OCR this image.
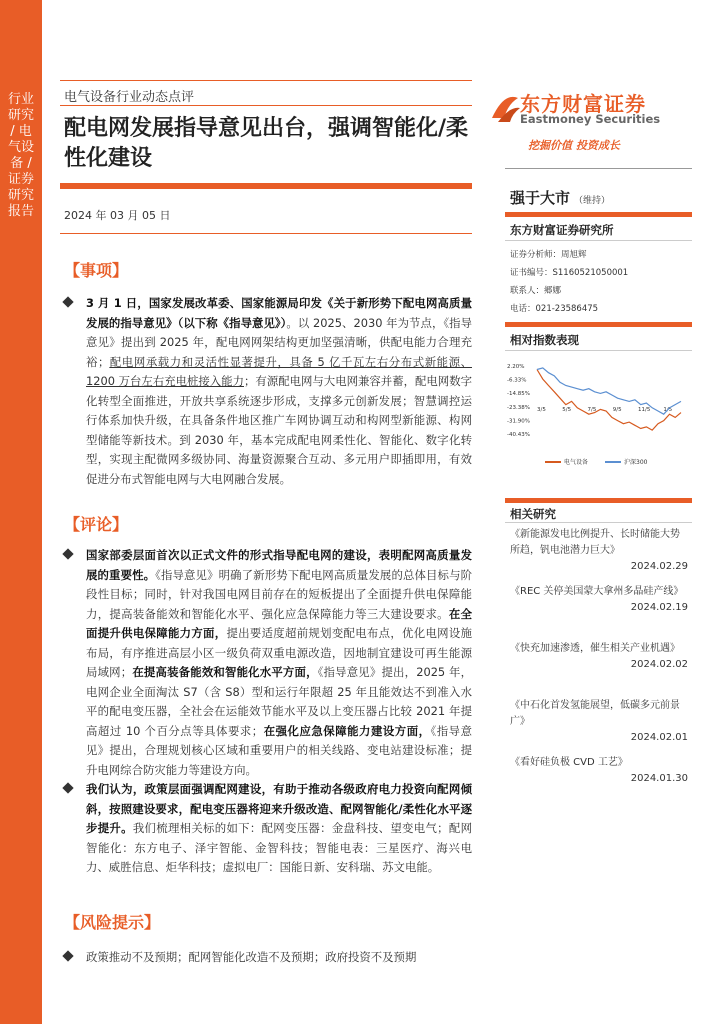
行业研究 / 电气设备 / 证券研究报告
电气设备行业动态点评
配电网发展指导意见出台，强调智能化/柔性化建设
2024 年 03 月 05 日
【事项】
3 月 1 日，国家发展改革委、国家能源局印发《关于新形势下配电网高质量发展的指导意见》（以下称《指导意见》）。以 2025、2030 年为节点，《指导意见》提出到 2025 年，配电网网架结构更加坚强清晰，供配电能力合理充裕；配电网承载力和灵活性显著提升，具备 5 亿千瓦左右分布式新能源、1200 万台左右充电桩接入能力；有源配电网与大电网兼容并蓄，配电网数字化转型全面推进，开放共享系统逐步形成，支撑多元创新发展；智慧调控运行体系加快升级，在具备条件地区推广车网协调互动和构网型新能源、构网型储能等新技术。到 2030 年，基本完成配电网柔性化、智能化、数字化转型，实现主配微网多级协同、海量资源聚合互动、多元用户即插即用，有效促进分布式智能电网与大电网融合发展。
【评论】
国家部委层面首次以正式文件的形式指导配电网的建设，表明配网高质量发展的重要性。《指导意见》明确了新形势下配电网高质量发展的总体目标与阶段性目标；同时，针对我国电网目前存在的短板提出了全面提升供电保障能力，提高装备能效和智能化水平、强化应急保障能力等三大建设要求。在全面提升供电保障能力方面，提出要适度超前规划变配电布点，优化电网设施布局，有序推进高层小区一级负荷双重电源改造，因地制宜建设可再生能源局域网；在提高装备能效和智能化水平方面，《指导意见》提出，2025 年，电网企业全面淘汰 S7（含 S8）型和运行年限超 25 年且能效达不到准入水平的配电变压器，全社会在运能效节能水平及以上变压器占比较 2021 年提高超过 10 个百分点等具体要求；在强化应急保障能力建设方面，《指导意见》提出，合理规划核心区域和重要用户的相关线路、变电站建设标准；提升电网综合防灾能力等建设方向。
我们认为，政策层面强调配网建设，有助于推动各级政府电力投资向配网倾斜，按照建设要求，配电变压器将迎来升级改造、配网智能化/柔性化水平逐步提升。我们梳理相关标的如下：配网变压器：金盘科技、望变电气；配网智能化：东方电子、泽宇智能、金智科技；智能电表：三星医疗、海兴电力、威胜信息、炬华科技；虚拟电厂：国能日新、安科瑞、苏文电能。
【风险提示】
政策推动不及预期；配网智能化改造不及预期；政府投资不及预期
东方财富证券
Eastmoney Securities
挖掘价值 投资成长
强于大市 （维持）
东方财富证券研究所
证券分析师：周旭辉
证书编号：S1160521050001
联系人：郷娜
电话：021-23586475
相对指数表现
2.20%
-6.33%
-14.85%
-23.38%
-31.90%
-40.43%
3/5	5/5	7/5	9/5	11/5 1/5
电气设备	沪深300
相关研究
《新能源发电比例提升、长时储能大势所趋，钒电池潜力巨大》
2024.02.29
《REC 关停美国蒙大拿州多晶硅产线》
2024.02.19
《快充加速渗透，催生相关产业机遇》
2024.02.02
《中石化首发氢能展望，低碳多元前景广》
2024.02.01
《看好硅负极 CVD 工艺》
2024.01.30
